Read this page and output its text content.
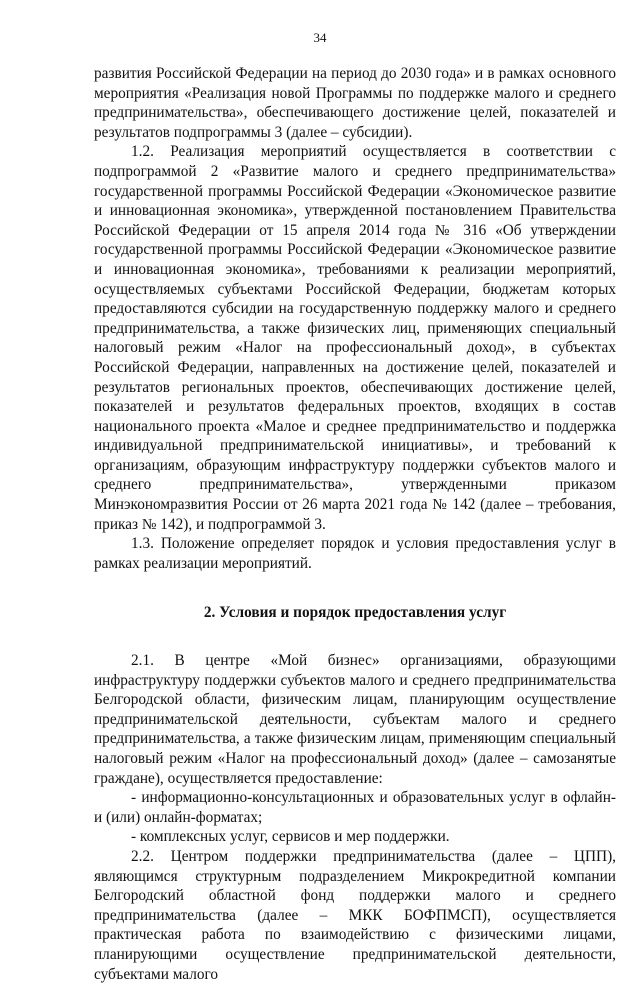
34

развития Российской Федерации на период до 2030 года» и в рамках основного мероприятия «Реализация новой Программы по поддержке малого и среднего предпринимательства», обеспечивающего достижение целей, показателей и результатов подпрограммы 3 (далее – субсидии).

1.2. Реализация мероприятий осуществляется в соответствии с подпрограммой 2 «Развитие малого и среднего предпринимательства» государственной программы Российской Федерации «Экономическое развитие и инновационная экономика», утвержденной постановлением Правительства Российской Федерации от 15 апреля 2014 года № 316 «Об утверждении государственной программы Российской Федерации «Экономическое развитие и инновационная экономика», требованиями к реализации мероприятий, осуществляемых субъектами Российской Федерации, бюджетам которых предоставляются субсидии на государственную поддержку малого и среднего предпринимательства, а также физических лиц, применяющих специальный налоговый режим «Налог на профессиональный доход», в субъектах Российской Федерации, направленных на достижение целей, показателей и результатов региональных проектов, обеспечивающих достижение целей, показателей и результатов федеральных проектов, входящих в состав национального проекта «Малое и среднее предпринимательство и поддержка индивидуальной предпринимательской инициативы», и требований к организациям, образующим инфраструктуру поддержки субъектов малого и среднего предпринимательства», утвержденными приказом Минэкономразвития России от 26 марта 2021 года № 142 (далее – требования, приказ № 142), и подпрограммой 3.

1.3. Положение определяет порядок и условия предоставления услуг в рамках реализации мероприятий.

2. Условия и порядок предоставления услуг

2.1. В центре «Мой бизнес» организациями, образующими инфраструктуру поддержки субъектов малого и среднего предпринимательства Белгородской области, физическим лицам, планирующим осуществление предпринимательской деятельности, субъектам малого и среднего предпринимательства, а также физическим лицам, применяющим специальный налоговый режим «Налог на профессиональный доход» (далее – самозанятые граждане), осуществляется предоставление:

- информационно-консультационных и образовательных услуг в офлайн- и (или) онлайн-форматах;

- комплексных услуг, сервисов и мер поддержки.

2.2. Центром поддержки предпринимательства (далее – ЦПП), являющимся структурным подразделением Микрокредитной компании Белгородский областной фонд поддержки малого и среднего предпринимательства (далее – МКК БОФПМСП), осуществляется практическая работа по взаимодействию с физическими лицами, планирующими осуществление предпринимательской деятельности, субъектами малого
